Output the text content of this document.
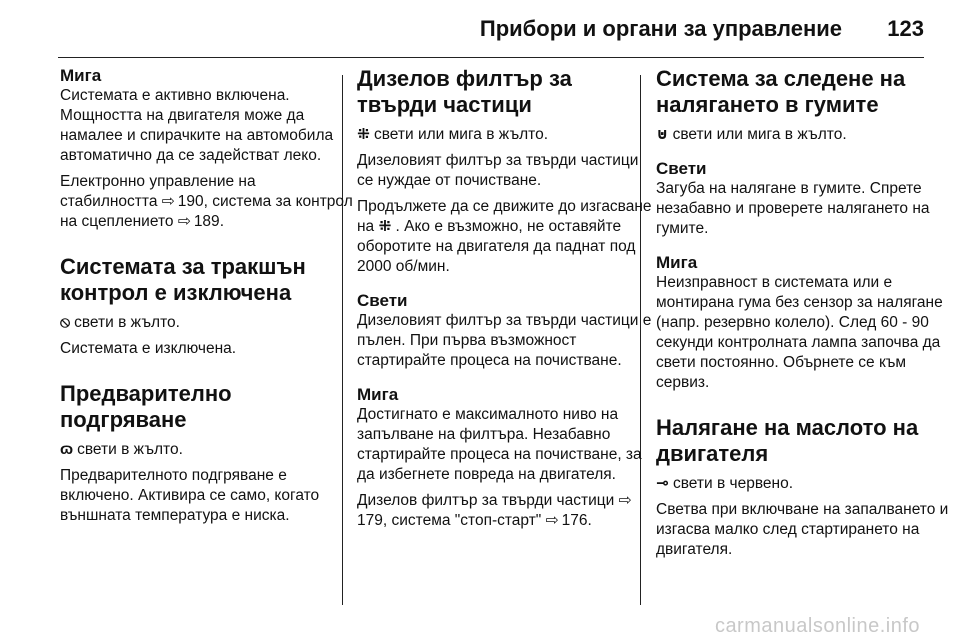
Прибори и органи за управление 123
Мига

Системата е активно включена. Мощността на двигателя може да намалее и спирачките на автомобила автоматично да се задействат леко.

Електронно управление на стабилността ⇨ 190, система за контрол на сцеплението ⇨ 189.

Системата за тракшън контрол е изключена

⦸ свети в жълто.

Системата е изключена.

Предварително подгряване

ɷ свети в жълто.

Предварителното подгряване е включено. Активира се само, когато външната температура е ниска.

Дизелов филтър за твърди частици

⁜ свети или мига в жълто.

Дизеловият филтър за твърди частици се нуждае от почистване.

Продължете да се движите до изгасване на ⁜ . Ако е възможно, не оставяйте оборотите на двигателя да паднат под 2000 об/мин.

Свети

Дизеловият филтър за твърди частици е пълен. При първа възможност стартирайте процеса на почистване.

Мига

Достигнато е максималното ниво на запълване на филтъра. Незабавно стартирайте процеса на почистване, за да избегнете повреда на двигателя.

Дизелов филтър за твърди частици ⇨179, система "стоп-старт" ⇨ 176.

Система за следене на налягането в гумите

⊍ свети или мига в жълто.

Свети

Загуба на налягане в гумите. Спрете незабавно и проверете налягането на гумите.

Мига

Неизправност в системата или е монтирана гума без сензор за налягане (напр. резервно колело). След 60 - 90 секунди контролната лампа започва да свети постоянно. Обърнете се към сервиз.

Налягане на маслото на двигателя

⊸ свети в червено.

Светва при включване на запалването и изгасва малко след стартирането на двигателя.

carmanualsonline.info
